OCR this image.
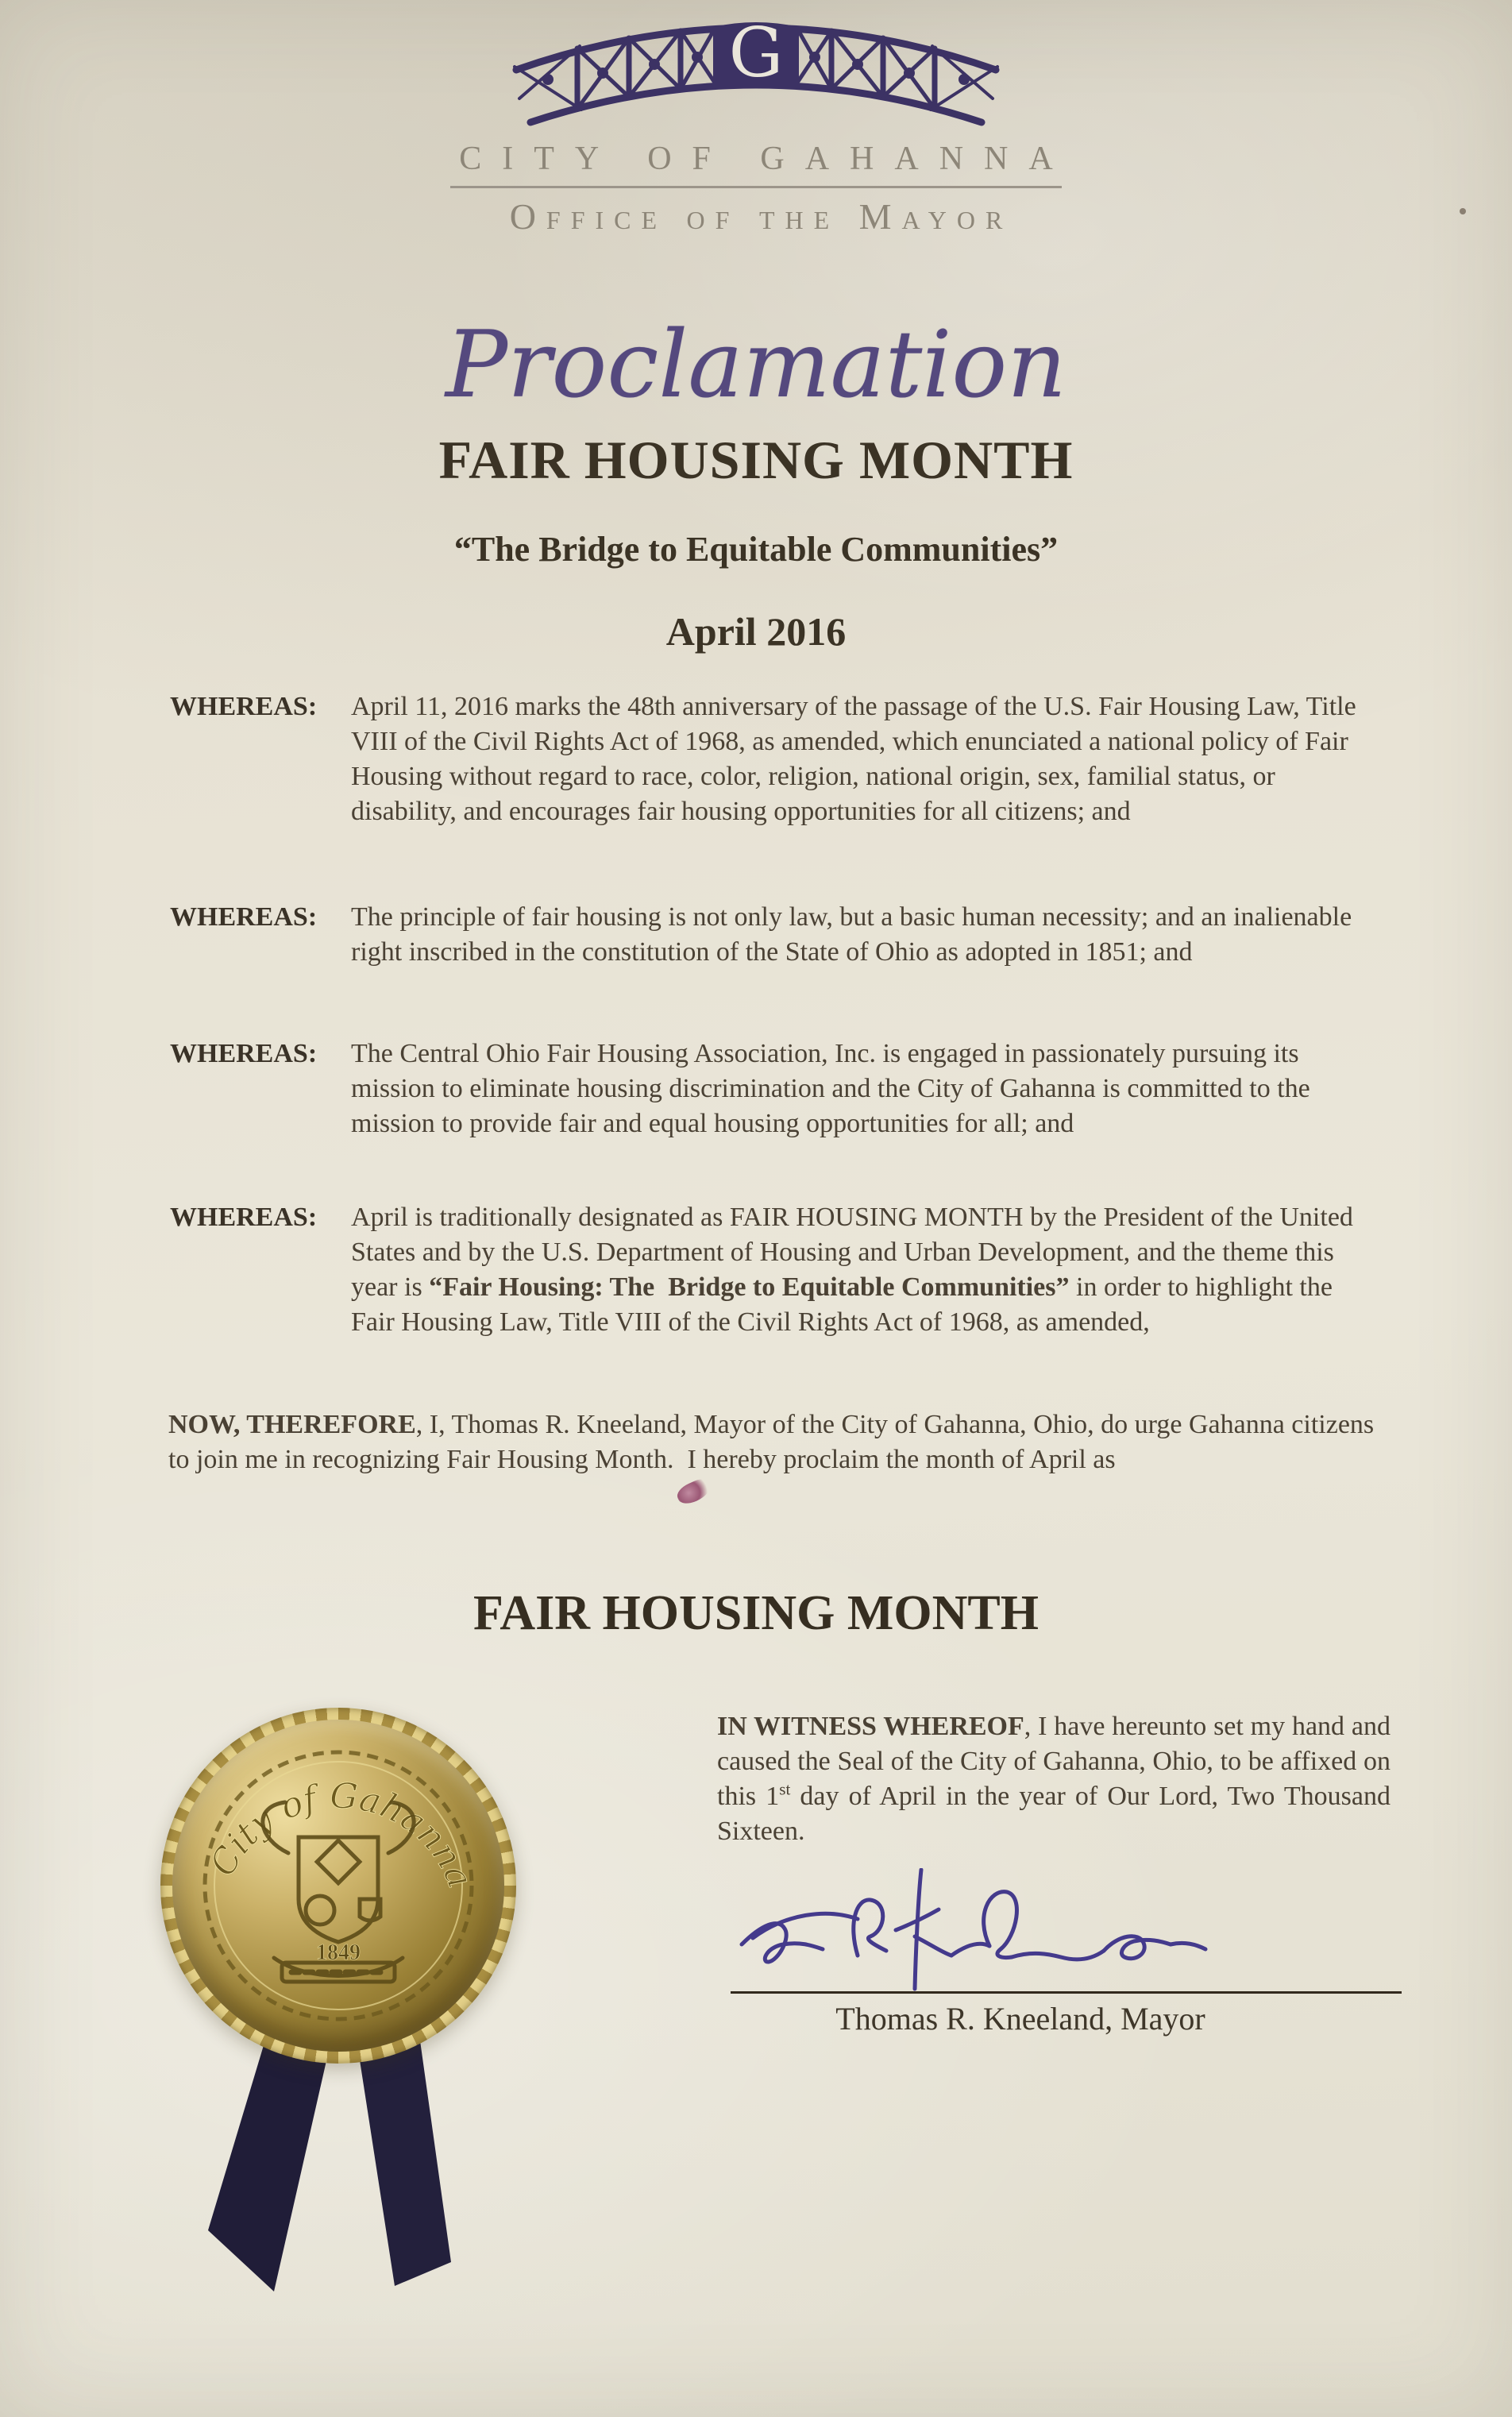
G
CITY OF GAHANNA
Office of the Mayor
Proclamation
FAIR HOUSING MONTH
“The Bridge to Equitable Communities”
April 2016
WHEREAS:	April 11, 2016 marks the 48th anniversary of the passage of the U.S. Fair Housing Law, Title VIII of the Civil Rights Act of 1968, as amended, which enunciated a national policy of Fair Housing without regard to race, color, religion, national origin, sex, familial status, or disability, and encourages fair housing opportunities for all citizens; and
WHEREAS:	The principle of fair housing is not only law, but a basic human necessity; and an inalienable right inscribed in the constitution of the State of Ohio as adopted in 1851; and
WHEREAS:	The Central Ohio Fair Housing Association, Inc. is engaged in passionately pursuing its mission to eliminate housing discrimination and the City of Gahanna is committed to the mission to provide fair and equal housing opportunities for all; and
WHEREAS:	April is traditionally designated as FAIR HOUSING MONTH by the President of the United States and by the U.S. Department of Housing and Urban Development, and the theme this year is “Fair Housing: The  Bridge to Equitable Communities” in order to highlight the Fair Housing Law, Title VIII of the Civil Rights Act of 1968, as amended,
NOW, THEREFORE, I, Thomas R. Kneeland, Mayor of the City of Gahanna, Ohio, do urge Gahanna citizens to join me in recognizing Fair Housing Month.  I hereby proclaim the month of April as
FAIR HOUSING MONTH
IN WITNESS WHEREOF, I have hereunto set my hand and caused the Seal of the City of Gahanna, Ohio, to be affixed on this 1st day of April in the year of Our Lord, Two Thousand Sixteen.
City of Gahanna
1849
Thomas R. Kneeland, Mayor
